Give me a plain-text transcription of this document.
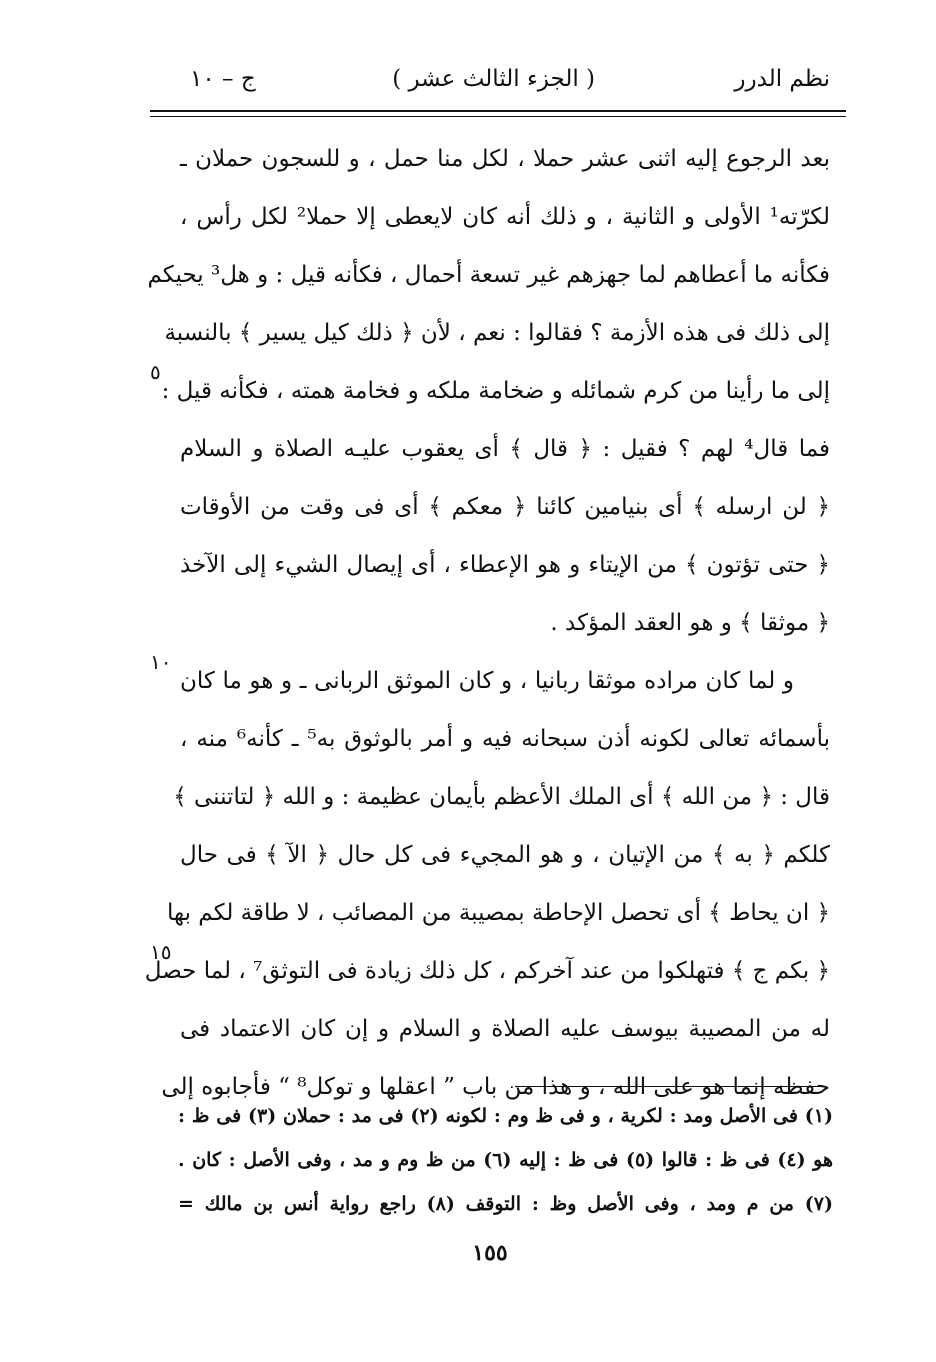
نظم الدرر
( الجزء الثالث عشر )
ج – ١٠
بعد الرجوع إليه اثنى عشر حملا ، لكل منا حمل ، و للسجون حملان ـ
لكرّته¹ الأولى و الثانية ، و ذلك أنه كان لايعطى إلا حملا² لكل رأس ،
فكأنه ما أعطاهم لما جهزهم غير تسعة أحمال ، فكأنه قيل : و هل³ يحيكم
إلى ذلك فى هذه الأزمة ؟ فقالوا : نعم ، لأن ﴿ ذلك كيل يسير ﴾ بالنسبة
إلى ما رأينا من كرم شمائله و ضخامة ملكه و فخامة همته ، فكأنه قيل :
فما قال⁴ لهم ؟ فقيل : ﴿ قال ﴾ أى يعقوب عليـه الصلاة و السلام
﴿ لن ارسله ﴾ أى بنيامين كائنا ﴿ معكم ﴾ أى فى وقت من الأوقات
﴿ حتى تؤتون ﴾ من الإيتاء و هو الإعطاء ، أى إيصال الشيء إلى الآخذ
﴿ موثقا ﴾ و هو العقد المؤكد .
و لما كان مراده موثقا ربانيا ، و كان الموثق الربانى ـ و هو ما كان
بأسمائه تعالى لكونه أذن سبحانه فيه و أمر بالوثوق به⁵ ـ كأنه⁶ منه ،
قال : ﴿ من الله ﴾ أى الملك الأعظم بأيمان عظيمة : و الله ﴿ لتاتننى ﴾
كلكم ﴿ به ﴾ من الإتيان ، و هو المجيء فى كل حال ﴿ الآ ﴾ فى حال
﴿ ان يحاط ﴾ أى تحصل الإحاطة بمصيبة من المصائب ، لا طاقة لكم بها
﴿ بكم ج ﴾ فتهلكوا من عند آخركم ، كل ذلك زيادة فى التوثق⁷ ، لما حصل
له من المصيبة بيوسف عليه الصلاة و السلام و إن كان الاعتماد فى
حفظه إنما هو على الله ، و هذا من باب ” اعقلها و توكل⁸ “ فأجابوه إلى
٥
١٠
١٥
(١) فى الأصل ومد : لكرية ، و فى ظ وم : لكونه (٢) فى مد : حملان (٣) فى ظ :
هو (٤) فى ظ : قالوا (٥) فى ظ : إليه (٦) من ظ وم و مد ، وفى الأصل : كان .
(٧) من م ومد ، وفى الأصل وظ : التوقف (٨) راجع رواية أنس بن مالك =
١٥٥
